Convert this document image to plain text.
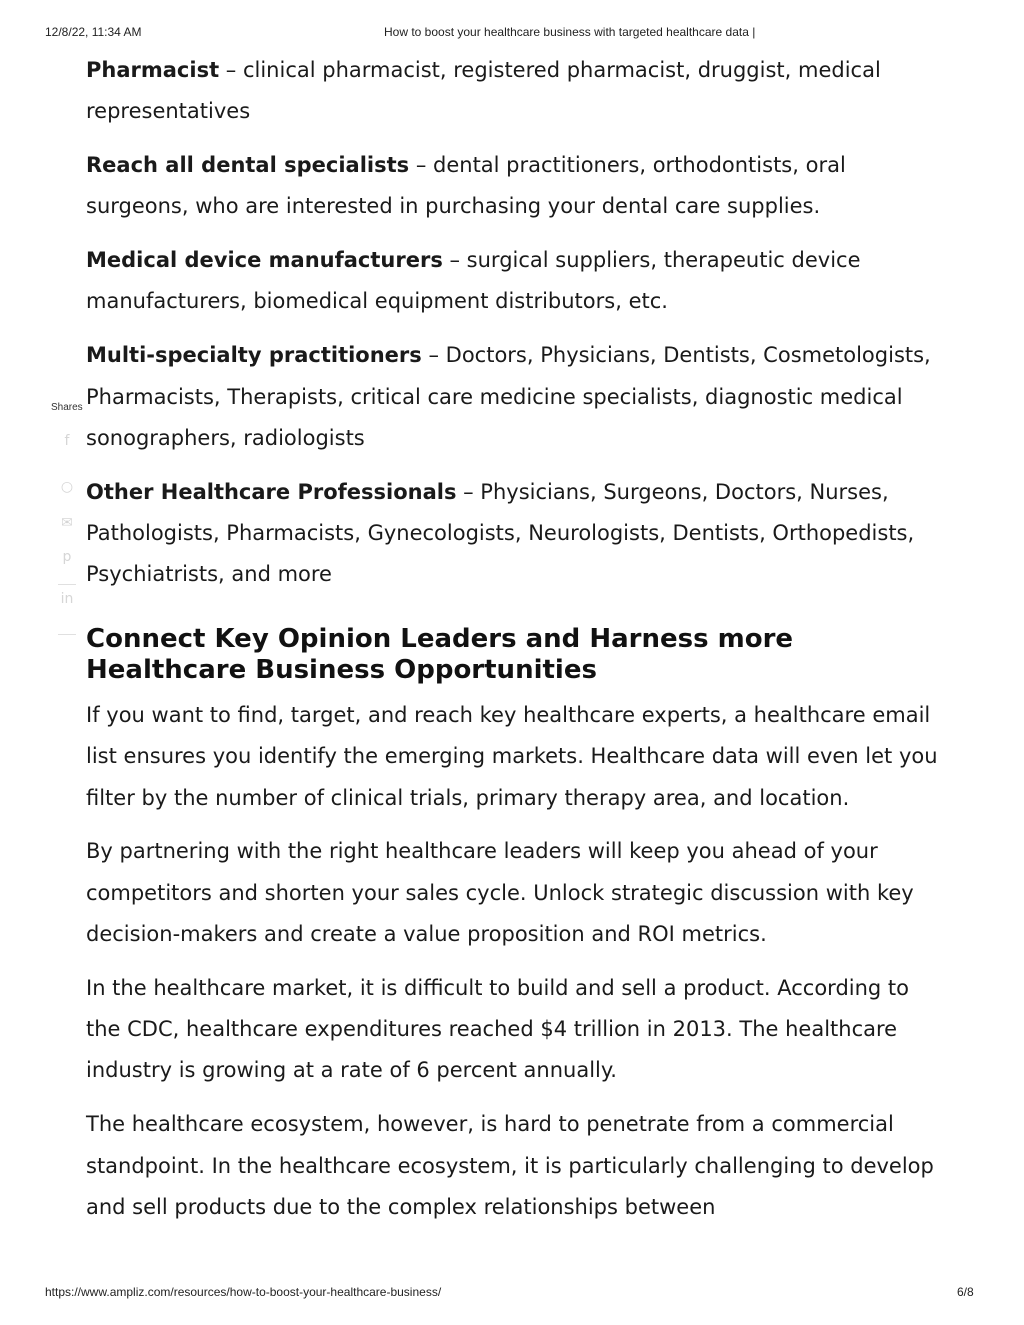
12/8/22, 11:34 AM	How to boost your healthcare business with targeted healthcare data |
Shares
f
○
✉
p
in

Pharmacist – clinical pharmacist, registered pharmacist, druggist, medical representatives

Reach all dental specialists – dental practitioners, orthodontists, oral surgeons, who are interested in purchasing your dental care supplies.

Medical device manufacturers – surgical suppliers, therapeutic device manufacturers, biomedical equipment distributors, etc.

Multi-specialty practitioners – Doctors, Physicians, Dentists, Cosmetologists, Pharmacists, Therapists, critical care medicine specialists, diagnostic medical sonographers, radiologists

Other Healthcare Professionals – Physicians, Surgeons, Doctors, Nurses, Pathologists, Pharmacists, Gynecologists, Neurologists, Dentists, Orthopedists, Psychiatrists, and more

Connect Key Opinion Leaders and Harness more Healthcare Business Opportunities

If you want to find, target, and reach key healthcare experts, a healthcare email list ensures you identify the emerging markets. Healthcare data will even let you filter by the number of clinical trials, primary therapy area, and location.

By partnering with the right healthcare leaders will keep you ahead of your competitors and shorten your sales cycle. Unlock strategic discussion with key decision-makers and create a value proposition and ROI metrics.

In the healthcare market, it is difficult to build and sell a product. According to the CDC, healthcare expenditures reached $4 trillion in 2013. The healthcare industry is growing at a rate of 6 percent annually.

The healthcare ecosystem, however, is hard to penetrate from a commercial standpoint. In the healthcare ecosystem, it is particularly challenging to develop and sell products due to the complex relationships between

https://www.ampliz.com/resources/how-to-boost-your-healthcare-business/	6/8
